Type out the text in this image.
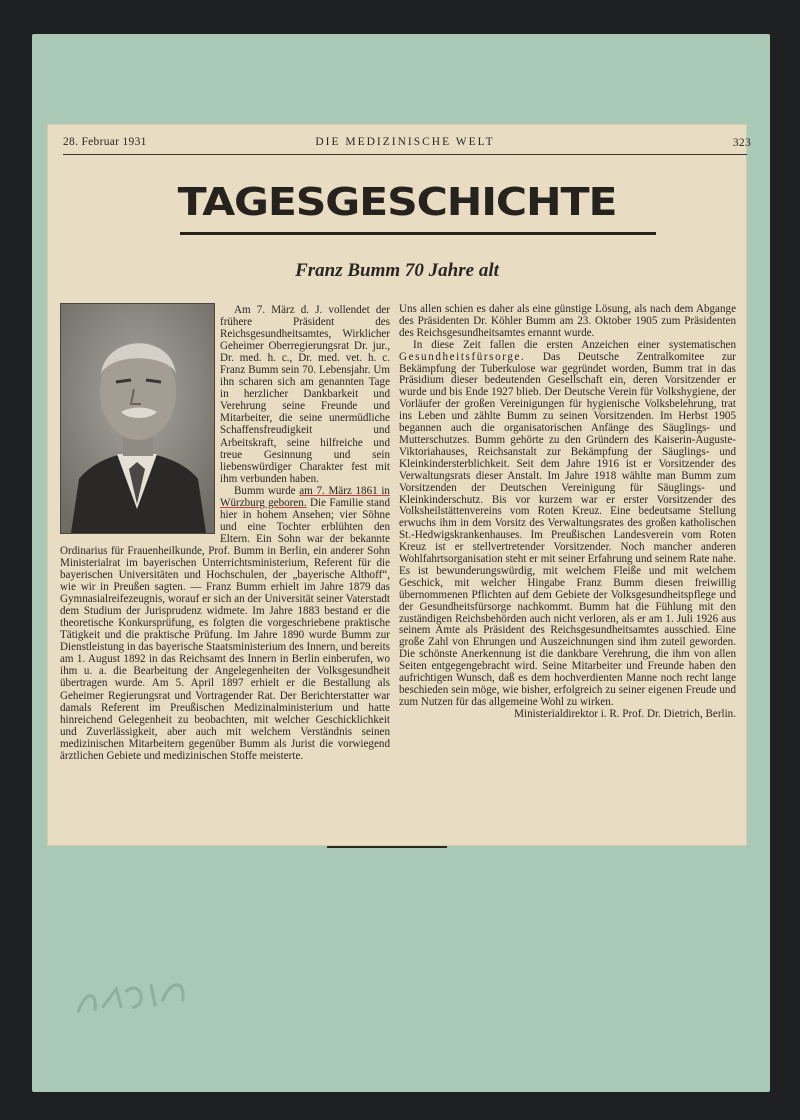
28. Februar 1931	DIE MEDIZINISCHE WELT	323
TAGESGESCHICHTE
Franz Bumm 70 Jahre alt

Am 7. März d. J. vollendet der frühere Präsident des Reichsgesundheitsamtes, Wirklicher Geheimer Oberregierungsrat Dr. jur., Dr. med. h. c., Dr. med. vet. h. c. Franz Bumm sein 70. Lebensjahr. Um ihn scharen sich am genannten Tage in herzlicher Dankbarkeit und Verehrung seine Freunde und Mitarbeiter, die seine unermüdliche Schaffensfreudigkeit und Arbeitskraft, seine hilfreiche und treue Gesinnung und sein liebenswürdiger Charakter fest mit ihm verbunden haben.

Bumm wurde am 7. März 1861 in Würzburg geboren. Die Familie stand hier in hohem Ansehen; vier Söhne und eine Tochter erblühten den Eltern. Ein Sohn war der bekannte Ordinarius für Frauenheilkunde, Prof. Bumm in Berlin, ein anderer Sohn Ministerialrat im bayerischen Unterrichtsministerium, Referent für die bayerischen Universitäten und Hochschulen, der „bayerische Althoff“, wie wir in Preußen sagten. — Franz Bumm erhielt im Jahre 1879 das Gymnasialreifezeugnis, worauf er sich an der Universität seiner Vaterstadt dem Studium der Jurisprudenz widmete. Im Jahre 1883 bestand er die theoretische Konkursprüfung, es folgten die vorgeschriebene praktische Tätigkeit und die praktische Prüfung. Im Jahre 1890 wurde Bumm zur Dienstleistung in das bayerische Staatsministerium des Innern, und bereits am 1. August 1892 in das Reichsamt des Innern in Berlin einberufen, wo ihm u. a. die Bearbeitung der Angelegenheiten der Volksgesundheit übertragen wurde. Am 5. April 1897 erhielt er die Bestallung als Geheimer Regierungsrat und Vortragender Rat. Der Berichterstatter war damals Referent im Preußischen Medizinalministerium und hatte hinreichend Gelegenheit zu beobachten, mit welcher Geschicklichkeit und Zuverlässigkeit, aber auch mit welchem Verständnis seinen medizinischen Mitarbeitern gegenüber Bumm als Jurist die vorwiegend ärztlichen Gebiete und medizinischen Stoffe meisterte.

Uns allen schien es daher als eine günstige Lösung, als nach dem Abgange des Präsidenten Dr. Köhler Bumm am 23. Oktober 1905 zum Präsidenten des Reichsgesundheitsamtes ernannt wurde.

In diese Zeit fallen die ersten Anzeichen einer systematischen Gesundheitsfürsorge. Das Deutsche Zentralkomitee zur Bekämpfung der Tuberkulose war gegründet worden, Bumm trat in das Präsidium dieser bedeutenden Gesellschaft ein, deren Vorsitzender er wurde und bis Ende 1927 blieb. Der Deutsche Verein für Volkshygiene, der Vorläufer der großen Vereinigungen für hygienische Volksbelehrung, trat ins Leben und zählte Bumm zu seinen Vorsitzenden. Im Herbst 1905 begannen auch die organisatorischen Anfänge des Säuglings- und Mutterschutzes. Bumm gehörte zu den Gründern des Kaiserin-Auguste-Viktoriahauses, Reichsanstalt zur Bekämpfung der Säuglings- und Kleinkindersterblichkeit. Seit dem Jahre 1916 ist er Vorsitzender des Verwaltungsrats dieser Anstalt. Im Jahre 1918 wählte man Bumm zum Vorsitzenden der Deutschen Vereinigung für Säuglings- und Kleinkinderschutz. Bis vor kurzem war er erster Vorsitzender des Volksheilstättenvereins vom Roten Kreuz. Eine bedeutsame Stellung erwuchs ihm in dem Vorsitz des Verwaltungsrates des großen katholischen St.-Hedwigskrankenhauses. Im Preußischen Landesverein vom Roten Kreuz ist er stellvertretender Vorsitzender. Noch mancher anderen Wohlfahrtsorganisation steht er mit seiner Erfahrung und seinem Rate nahe. Es ist bewunderungswürdig, mit welchem Fleiße und mit welchem Geschick, mit welcher Hingabe Franz Bumm diesen freiwillig übernommenen Pflichten auf dem Gebiete der Volksgesundheitspflege und der Gesundheitsfürsorge nachkommt. Bumm hat die Fühlung mit den zuständigen Reichsbehörden auch nicht verloren, als er am 1. Juli 1926 aus seinem Amte als Präsident des Reichsgesundheitsamtes ausschied. Eine große Zahl von Ehrungen und Auszeichnungen sind ihm zuteil geworden. Die schönste Anerkennung ist die dankbare Verehrung, die ihm von allen Seiten entgegengebracht wird. Seine Mitarbeiter und Freunde haben den aufrichtigen Wunsch, daß es dem hochverdienten Manne noch recht lange beschieden sein möge, wie bisher, erfolgreich zu seiner eigenen Freude und zum Nutzen für das allgemeine Wohl zu wirken.

Ministerialdirektor i. R. Prof. Dr. Dietrich, Berlin.
